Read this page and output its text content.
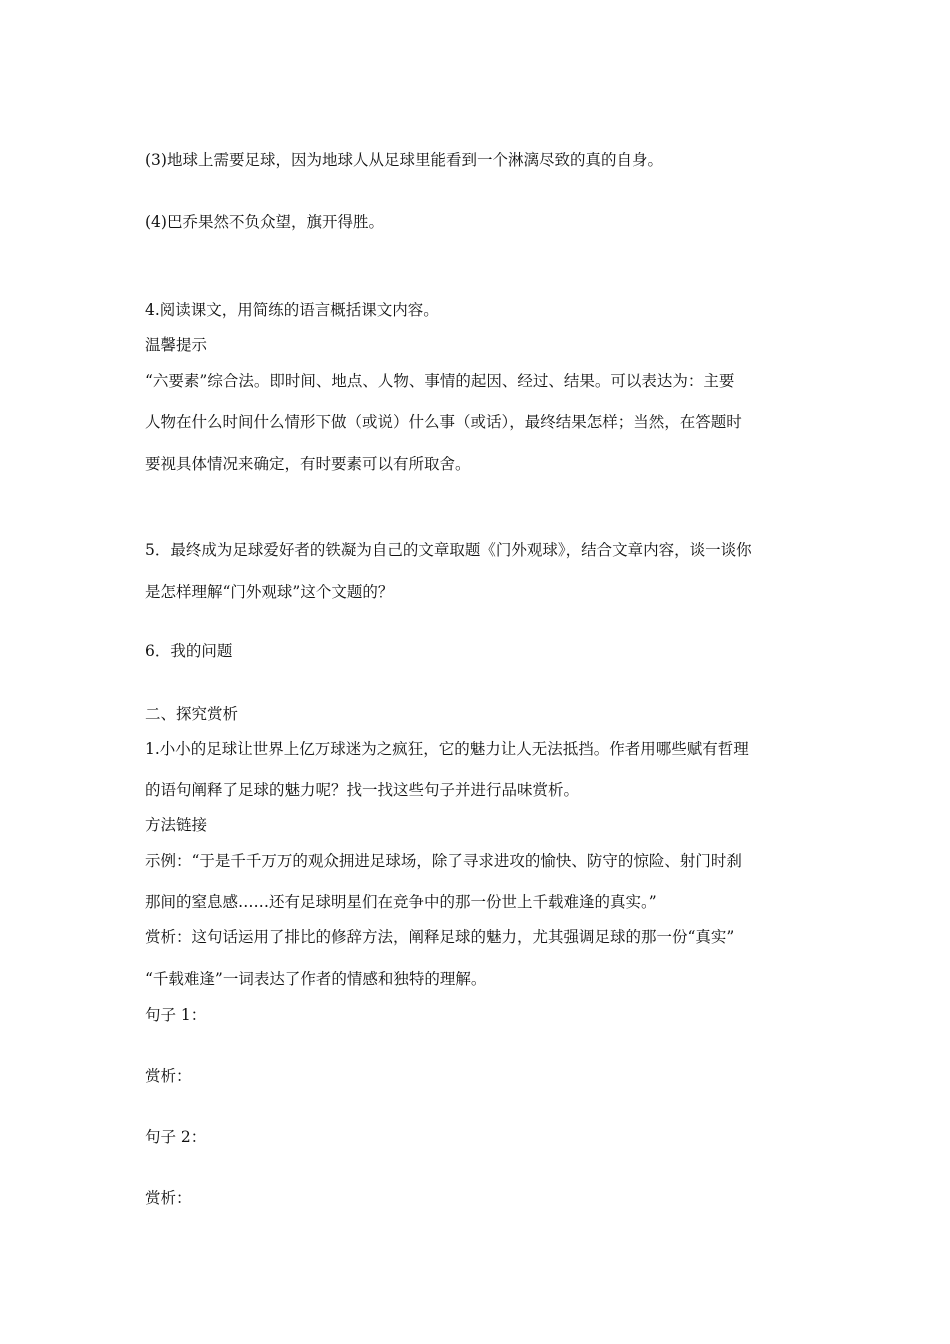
(3)地球上需要足球，因为地球人从足球里能看到一个淋漓尽致的真的自身。
(4)巴乔果然不负众望，旗开得胜。
4.阅读课文，用简练的语言概括课文内容。
温馨提示
“六要素”综合法。即时间、地点、人物、事情的起因、经过、结果。可以表达为：主要
人物在什么时间什么情形下做（或说）什么事（或话），最终结果怎样；当然，在答题时
要视具体情况来确定，有时要素可以有所取舍。
5．最终成为足球爱好者的铁凝为自己的文章取题《门外观球》，结合文章内容，谈一谈你
是怎样理解“门外观球”这个文题的？
6．我的问题
二、探究赏析
1.小小的足球让世界上亿万球迷为之疯狂，它的魅力让人无法抵挡。作者用哪些赋有哲理
的语句阐释了足球的魅力呢？找一找这些句子并进行品味赏析。
方法链接
示例：“于是千千万万的观众拥进足球场，除了寻求进攻的愉快、防守的惊险、射门时刹
那间的窒息感……还有足球明星们在竞争中的那一份世上千载难逢的真实。”
赏析：这句话运用了排比的修辞方法，阐释足球的魅力，尤其强调足球的那一份“真实”
“千载难逢”一词表达了作者的情感和独特的理解。
句子 1：
赏析：
句子 2：
赏析：
